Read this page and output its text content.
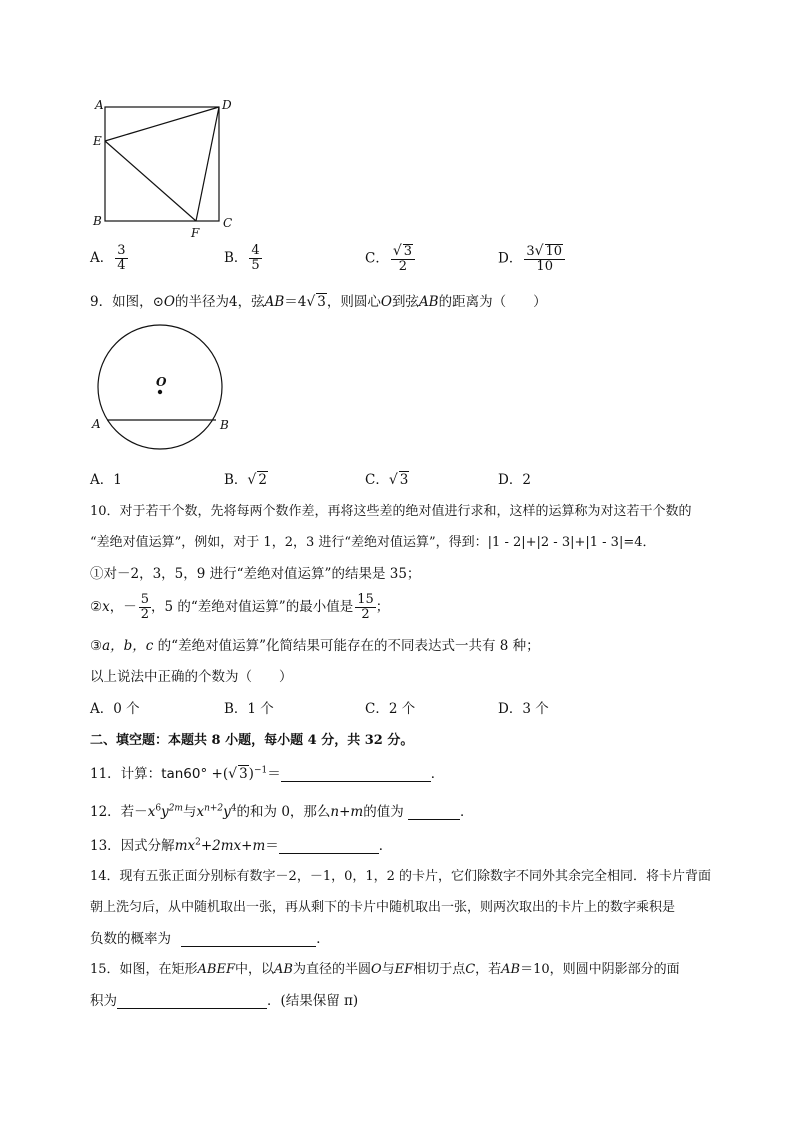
A	D
E
B	C
F
A． $\frac{3}{4}$	B． $\frac{4}{5}$	C． $\frac{√ 3}{2}$	D． $\frac{3√ 10}{10}$
9．如图，⊙O的半径为4，弦AB＝4√ 3，则圆心O到弦AB的距离为（　　）
O
A	B
A．1	B．√ 2	C．√ 3	D．2
10．对于若干个数，先将每两个数作差，再将这些差的绝对值进行求和，这样的运算称为对这若干个数的
“差绝对值运算”，例如，对于 1，2，3 进行“差绝对值运算”，得到：|1 - 2|+|2 - 3|+|1 - 3|=4．
①对－2，3，5，9 进行“差绝对值运算”的结果是 35；
②x，－ $\frac{5}{2}$ ，5 的“差绝对值运算”的最小值是 $\frac{15}{2}$ ；
③a，b，c 的“差绝对值运算”化简结果可能存在的不同表达式一共有 8 种；
以上说法中正确的个数为（　　）
A．0 个	B．1 个	C．2 个	D．3 个
二、填空题：本题共 8 小题，每小题 4 分，共 32 分。
11．计算：tan60° +(√ 3)$^{-1}$＝	．
12．若$-x^6y^{2m}$与$x^{n+2}y^4$的和为 0，那么n+m的值为	．
13．因式分解$mx^2+2mx+m=$	．
14．现有五张正面分别标有数字－2，－1，0，1，2 的卡片，它们除数字不同外其余完全相同．将卡片背面
朝上洗匀后，从中随机取出一张，再从剩下的卡片中随机取出一张，则两次取出的卡片上的数字乘积是
负数的概率为	．
15．如图，在矩形ABEF中，以AB为直径的半圆O与EF相切于点C，若AB＝10，则圆中阴影部分的面
积为	．(结果保留 π)
